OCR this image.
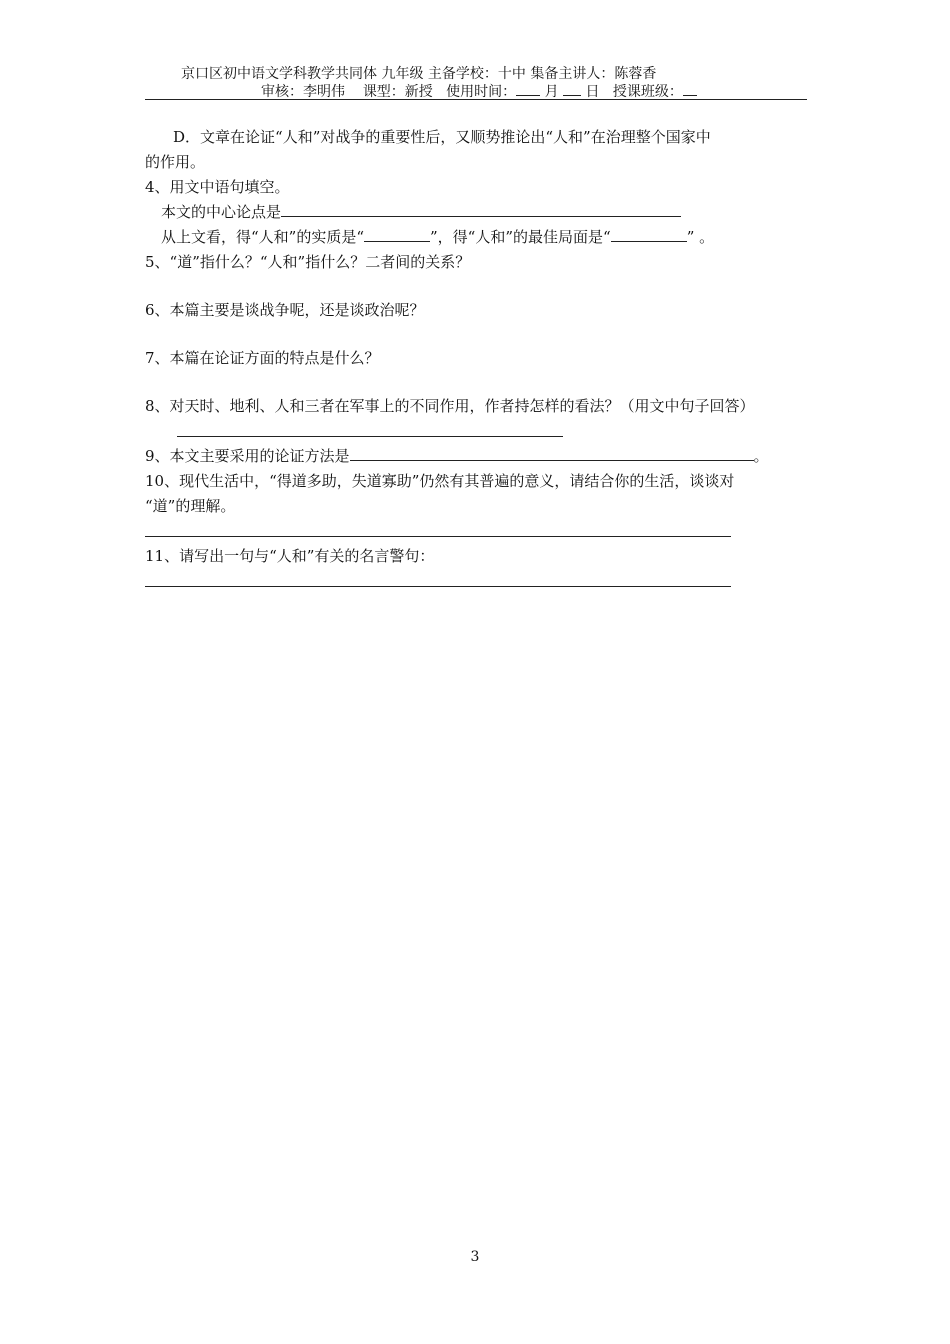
京口区初中语文学科教学共同体 九年级 主备学校：十中 集备主讲人：陈蓉香
审核：李明伟 课型：新授 使用时间： 月 日 授课班级：

D．文章在论证“人和”对战争的重要性后，又顺势推论出“人和”在治理整个国家中

的作用。

4、用文中语句填空。

本文的中心论点是

从上文看，得“人和”的实质是“	”，得“人和”的最佳局面是“	” 。

5、“道”指什么？“人和”指什么？二者间的关系？

6、本篇主要是谈战争呢，还是谈政治呢？

7、本篇在论证方面的特点是什么？

8、对天时、地利、人和三者在军事上的不同作用，作者持怎样的看法？（用文中句子回答）

9、本文主要采用的论证方法是	。

10、现代生活中，“得道多助，失道寡助”仍然有其普遍的意义，请结合你的生活，谈谈对

“道”的理解。

11、请写出一句与“人和”有关的名言警句：

3
